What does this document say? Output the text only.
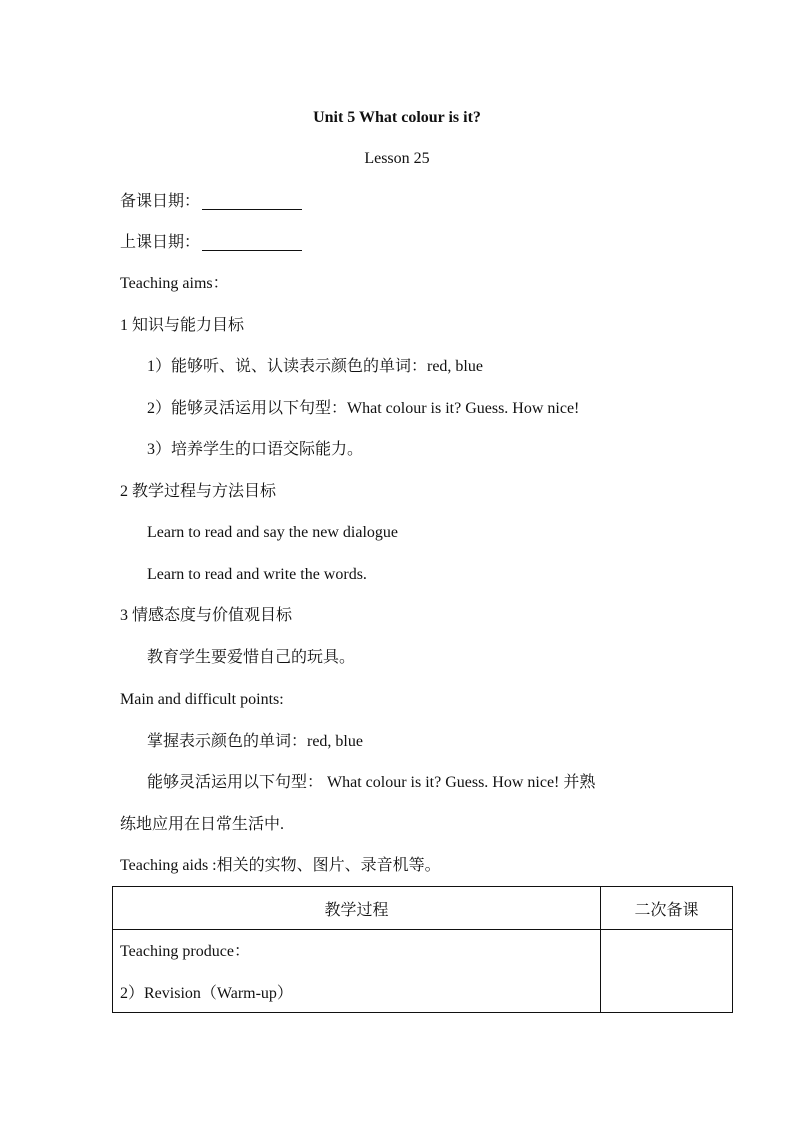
Unit 5 What colour is it?
Lesson 25
备课日期：
上课日期：
Teaching aims：
1 知识与能力目标
1）能够听、说、认读表示颜色的单词：red, blue
2）能够灵活运用以下句型：What colour is it? Guess. How nice!
3）培养学生的口语交际能力。
2 教学过程与方法目标
Learn to read and say the new dialogue
Learn to read and write the words.
3 情感态度与价值观目标
教育学生要爱惜自己的玩具。
Main and difficult points:
掌握表示颜色的单词：red, blue
能够灵活运用以下句型： What colour is it? Guess. How nice! 并熟
练地应用在日常生活中.
Teaching aids :相关的实物、图片、录音机等。
教学过程	二次备课

Teaching produce：
2）Revision（Warm-up）	
